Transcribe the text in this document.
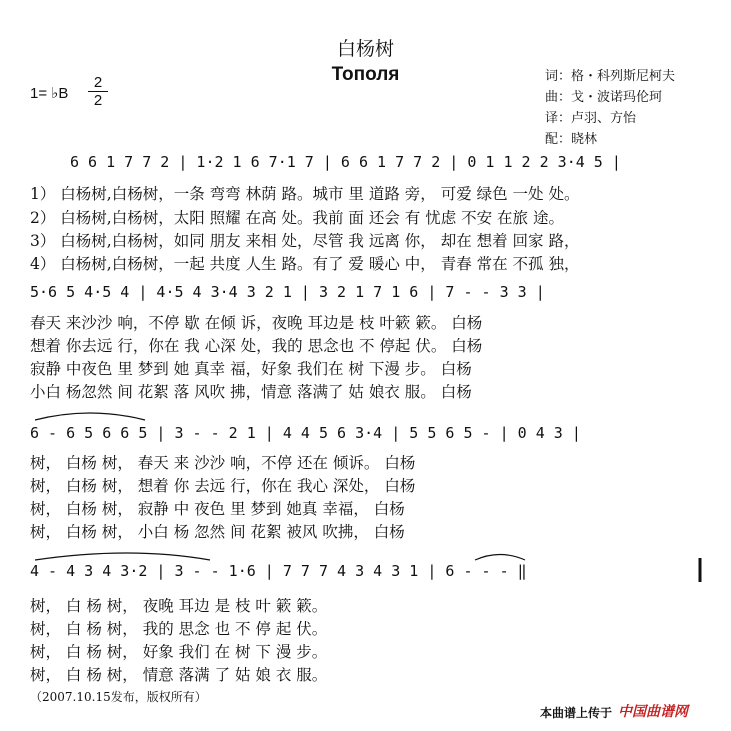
白杨树
Тополя
1= ♭B
2
2
词：格・科列斯尼柯夫
曲：戈・波诺玛伦珂
译：卢羽、方怡
配：晓林
6 6 1 7 7 2 | 1·2 1 6 7·1 7 | 6 6 1 7 7 2 | 0 1 1 2 2 3·4 5 |
1） 白杨树,白杨树，一条 弯弯 林荫 路。城市 里 道路 旁， 可爱 绿色 一处 处。
2） 白杨树,白杨树，太阳 照耀 在高 处。我前 面 还会 有 忧虑 不安 在旅 途。
3） 白杨树,白杨树，如同 朋友 来相 处，尽管 我 远离 你， 却在 想着 回家 路，
4） 白杨树,白杨树，一起 共度 人生 路。有了 爱 暖心 中， 青春 常在 不孤 独，
5·6 5 4·5 4 | 4·5 4 3·4 3 2 1 | 3 2 1 7 1 6 | 7 - - 3 3 |
春天 来沙沙 响，不停 歇 在倾 诉，夜晚 耳边是 枝 叶簌 簌。 白杨
想着 你去远 行，你在 我 心深 处，我的 思念也 不 停起 伏。 白杨
寂静 中夜色 里 梦到 她 真幸 福，好象 我们在 树 下漫 步。 白杨
小白 杨忽然 间 花絮 落 风吹 拂，情意 落满了 姑 娘衣 服。 白杨
6 - 6 5 6 6 5 | 3 - - 2 1 | 4 4 5 6 3·4 | 5 5 6 5 - | 0 4 3 |
树， 白杨 树， 春天 来 沙沙 响，不停 还在 倾诉。 白杨
树， 白杨 树， 想着 你 去远 行，你在 我心 深处， 白杨
树， 白杨 树， 寂静 中 夜色 里 梦到 她真 幸福， 白杨
树， 白杨 树， 小白 杨 忽然 间 花絮 被风 吹拂， 白杨
4 - 4 3 4 3·2 | 3 - - 1·6 | 7 7 7 4 3 4 3 1 | 6 - - - ‖
树， 白 杨 树， 夜晚 耳边 是 枝 叶 簌 簌。
树， 白 杨 树， 我的 思念 也 不 停 起 伏。
树， 白 杨 树， 好象 我们 在 树 下 漫 步。
树， 白 杨 树， 情意 落满 了 姑 娘 衣 服。
（2007.10.15发布，版权所有）
本曲谱上传于 中国曲谱网
